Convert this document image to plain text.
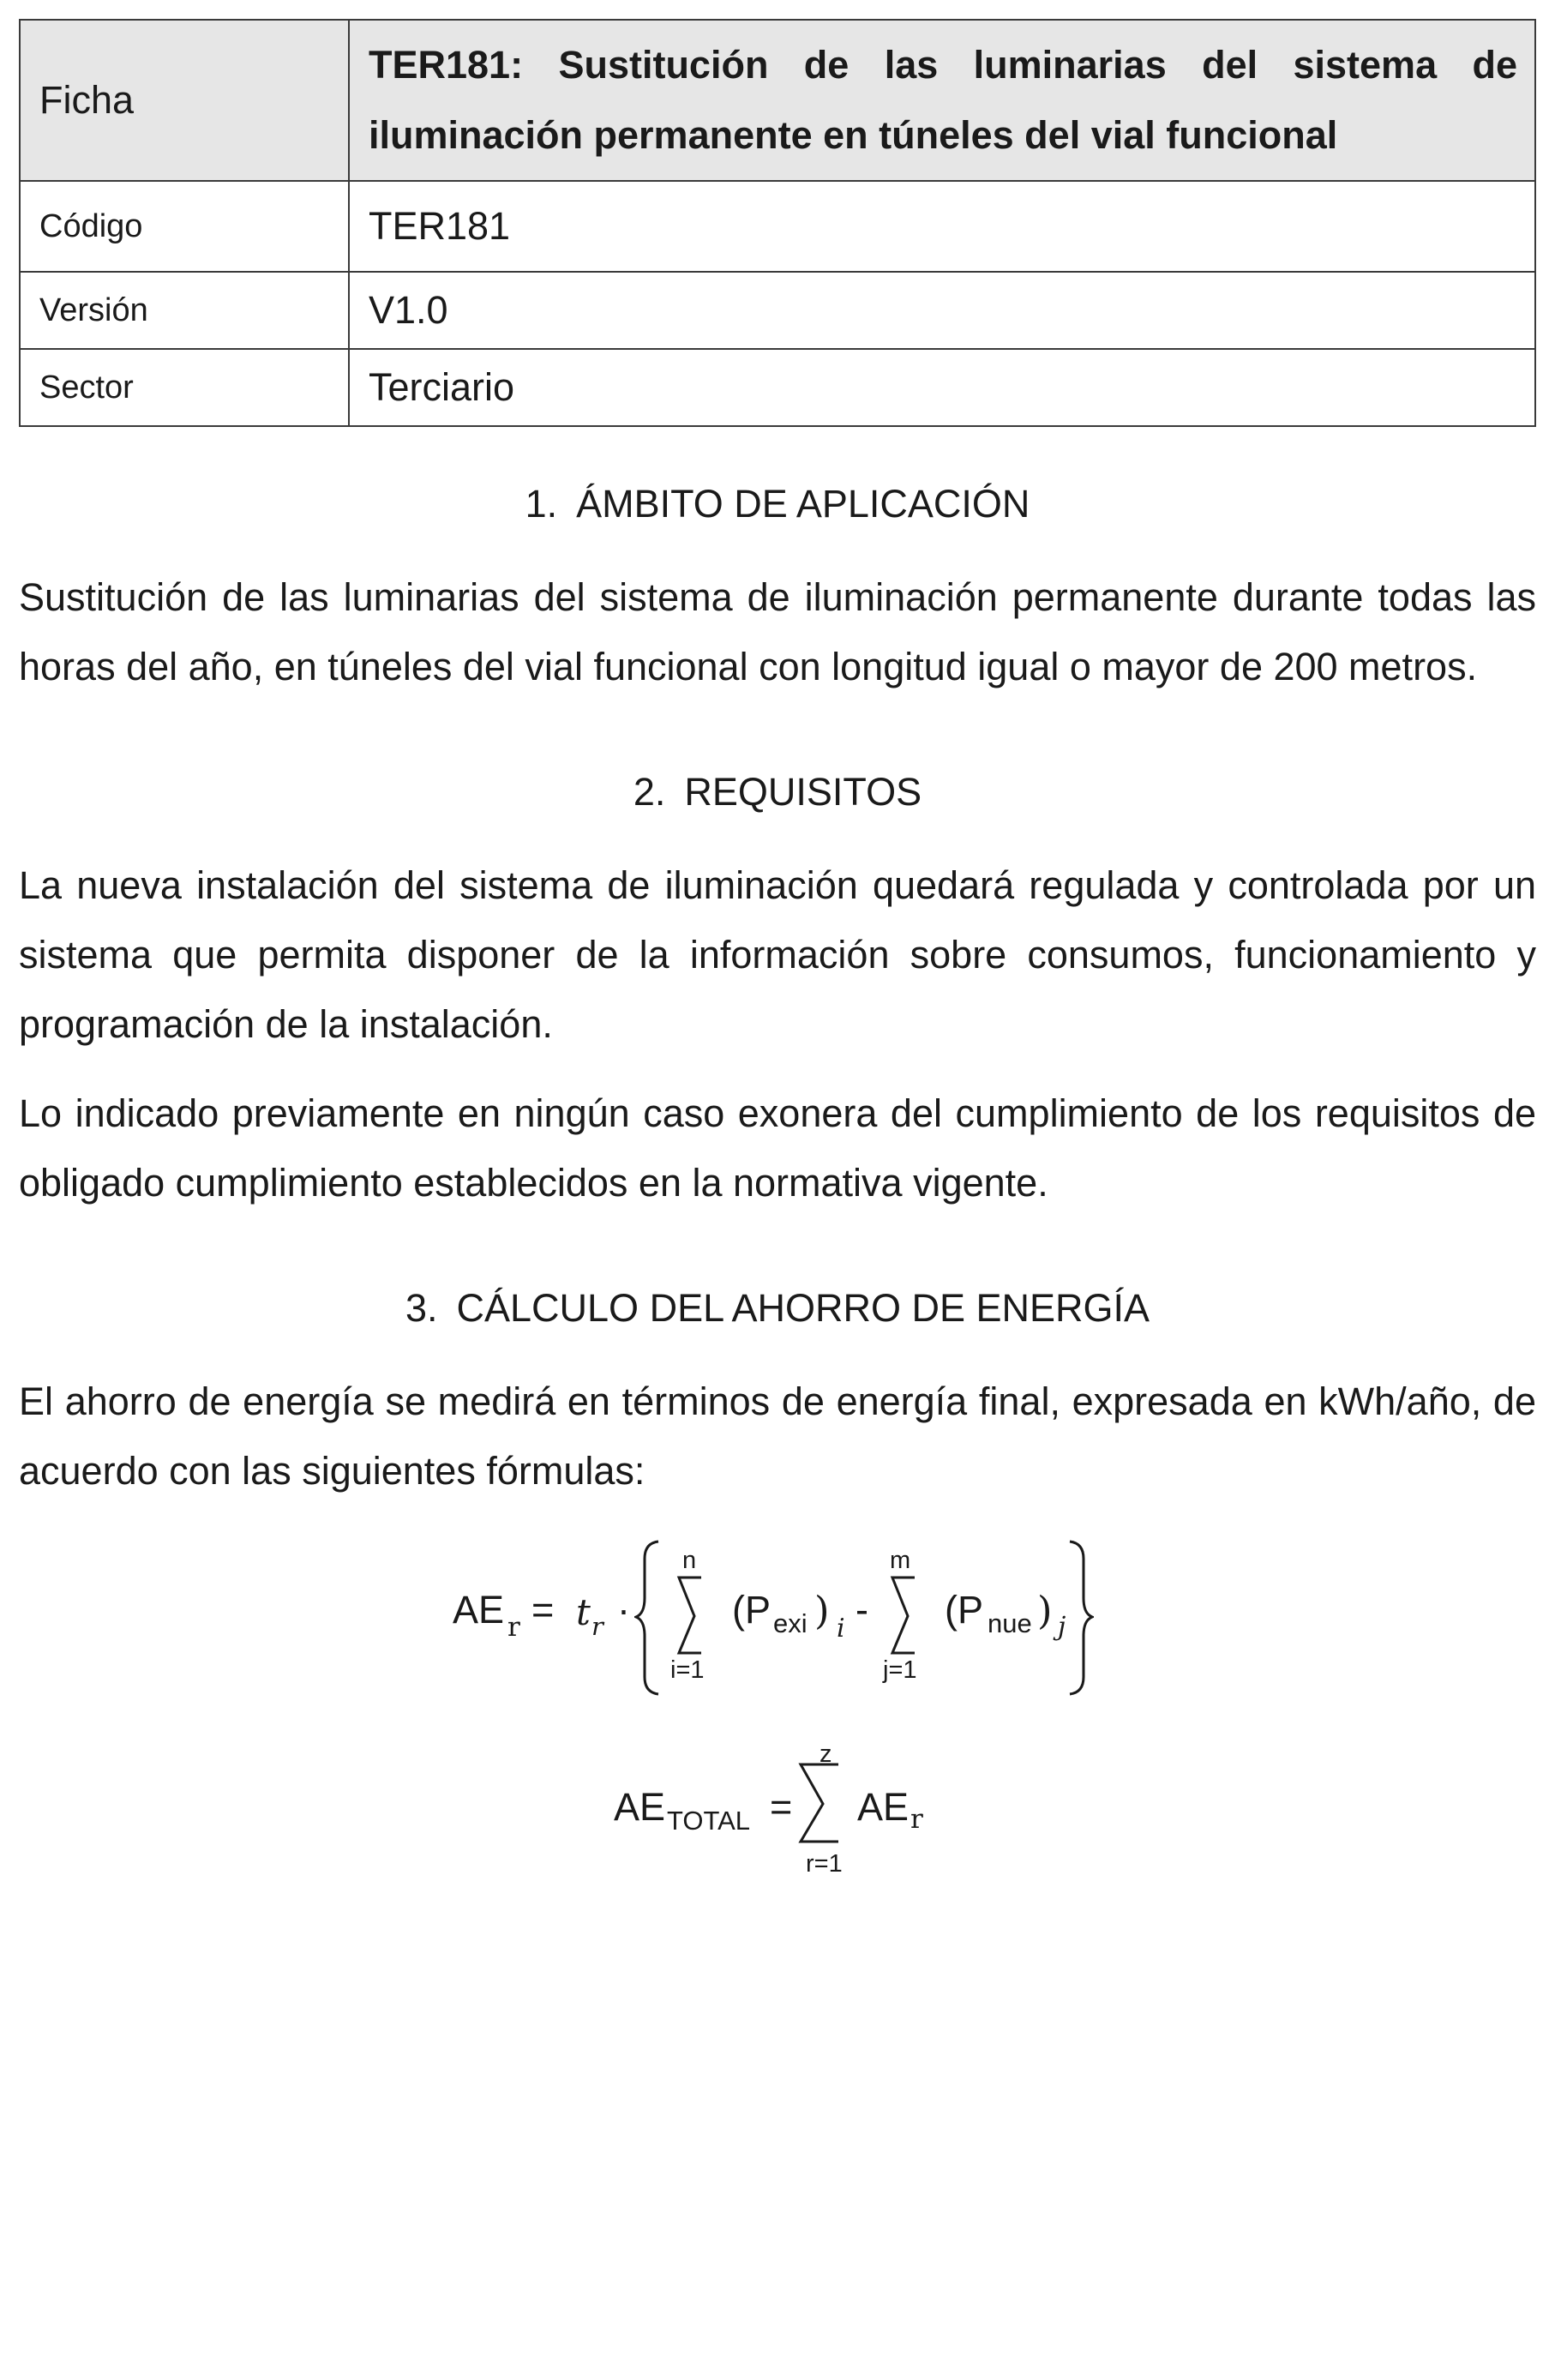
Ficha	TER181: Sustitución de las luminarias del sistema de iluminación permanente en túneles del vial funcional
Código	TER181
Versión	V1.0
Sector	Terciario
1. ÁMBITO DE APLICACIÓN

Sustitución de las luminarias del sistema de iluminación permanente durante todas las horas del año, en túneles del vial funcional con longitud igual o mayor de 200 metros.

2. REQUISITOS

La nueva instalación del sistema de iluminación quedará regulada y controlada por un sistema que permita disponer de la información sobre consumos, funcionamiento y programación de la instalación.

Lo indicado previamente en ningún caso exonera del cumplimiento de los requisitos de obligado cumplimiento establecidos en la normativa vigente.

3. CÁLCULO DEL AHORRO DE ENERGÍA

El ahorro de energía se medirá en términos de energía final, expresada en kWh/año, de acuerdo con las siguientes fórmulas:

AE r = t r ·
n
i=1
(P exi ) i -
m
j=1
(P nue ) j
AE TOTAL =
z
r=1
AE r
